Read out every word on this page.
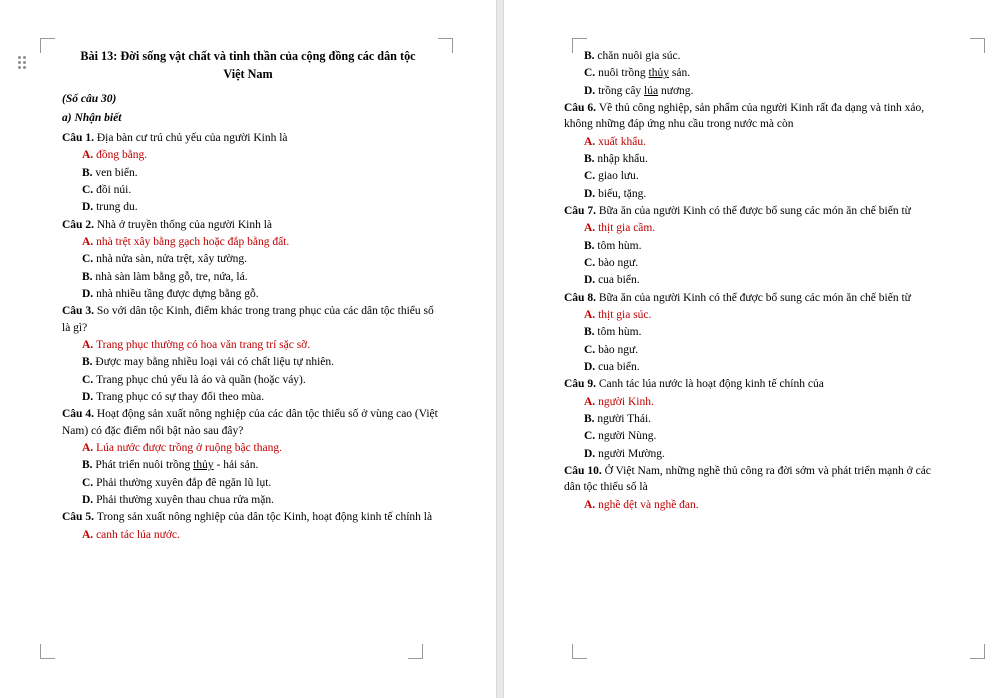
Bài 13: Đời sống vật chất và tinh thần của cộng đồng các dân tộc Việt Nam
(Số câu 30)
a) Nhận biết
Câu 1. Địa bàn cư trú chủ yếu của người Kinh là
A. đồng bằng.
B. ven biển.
C. đồi núi.
D. trung du.
Câu 2. Nhà ở truyền thống của người Kinh là
A. nhà trệt xây bằng gạch hoặc đắp bằng đất.
C. nhà nửa sàn, nửa trệt, xây tường.
B. nhà sàn làm bằng gỗ, tre, nứa, lá.
D. nhà nhiều tầng được dựng bằng gỗ.
Câu 3. So với dân tộc Kinh, điểm khác trong trang phục của các dân tộc thiểu số là gì?
A. Trang phục thường có hoa văn trang trí sặc sỡ.
B. Được may bằng nhiều loại vải có chất liệu tự nhiên.
C. Trang phục chủ yếu là áo và quần (hoặc váy).
D. Trang phục có sự thay đổi theo mùa.
Câu 4. Hoạt động sản xuất nông nghiệp của các dân tộc thiểu số ở vùng cao (Việt Nam) có đặc điểm nổi bật nào sau đây?
A. Lúa nước được trồng ở ruộng bậc thang.
B. Phát triển nuôi trồng thủy - hải sản.
C. Phải thường xuyên đắp đê ngăn lũ lụt.
D. Phải thường xuyên thau chua rửa mặn.
Câu 5. Trong sản xuất nông nghiệp của dân tộc Kinh, hoạt động kinh tế chính là
A. canh tác lúa nước.
B. chăn nuôi gia súc.
C. nuôi trồng thủy sản.
D. trồng cây lúa nương.
Câu 6. Về thủ công nghiệp, sản phẩm của người Kinh rất đa dạng và tinh xảo, không những đáp ứng nhu cầu trong nước mà còn
A. xuất khẩu.
B. nhập khẩu.
C. giao lưu.
D. biếu, tặng.
Câu 7. Bữa ăn của người Kinh có thể được bổ sung các món ăn chế biến từ
A. thịt gia cầm.
B. tôm hùm.
C. bào ngư.
D. cua biển.
Câu 8. Bữa ăn của người Kinh có thể được bổ sung các món ăn chế biến từ
A. thịt gia súc.
B. tôm hùm.
C. bào ngư.
D. cua biển.
Câu 9. Canh tác lúa nước là hoạt động kinh tế chính của
A. người Kinh.
B. người Thái.
C. người Nùng.
D. người Mường.
Câu 10. Ở Việt Nam, những nghề thủ công ra đời sớm và phát triển mạnh ở các dân tộc thiểu số là
A. nghề dệt và nghề đan.
